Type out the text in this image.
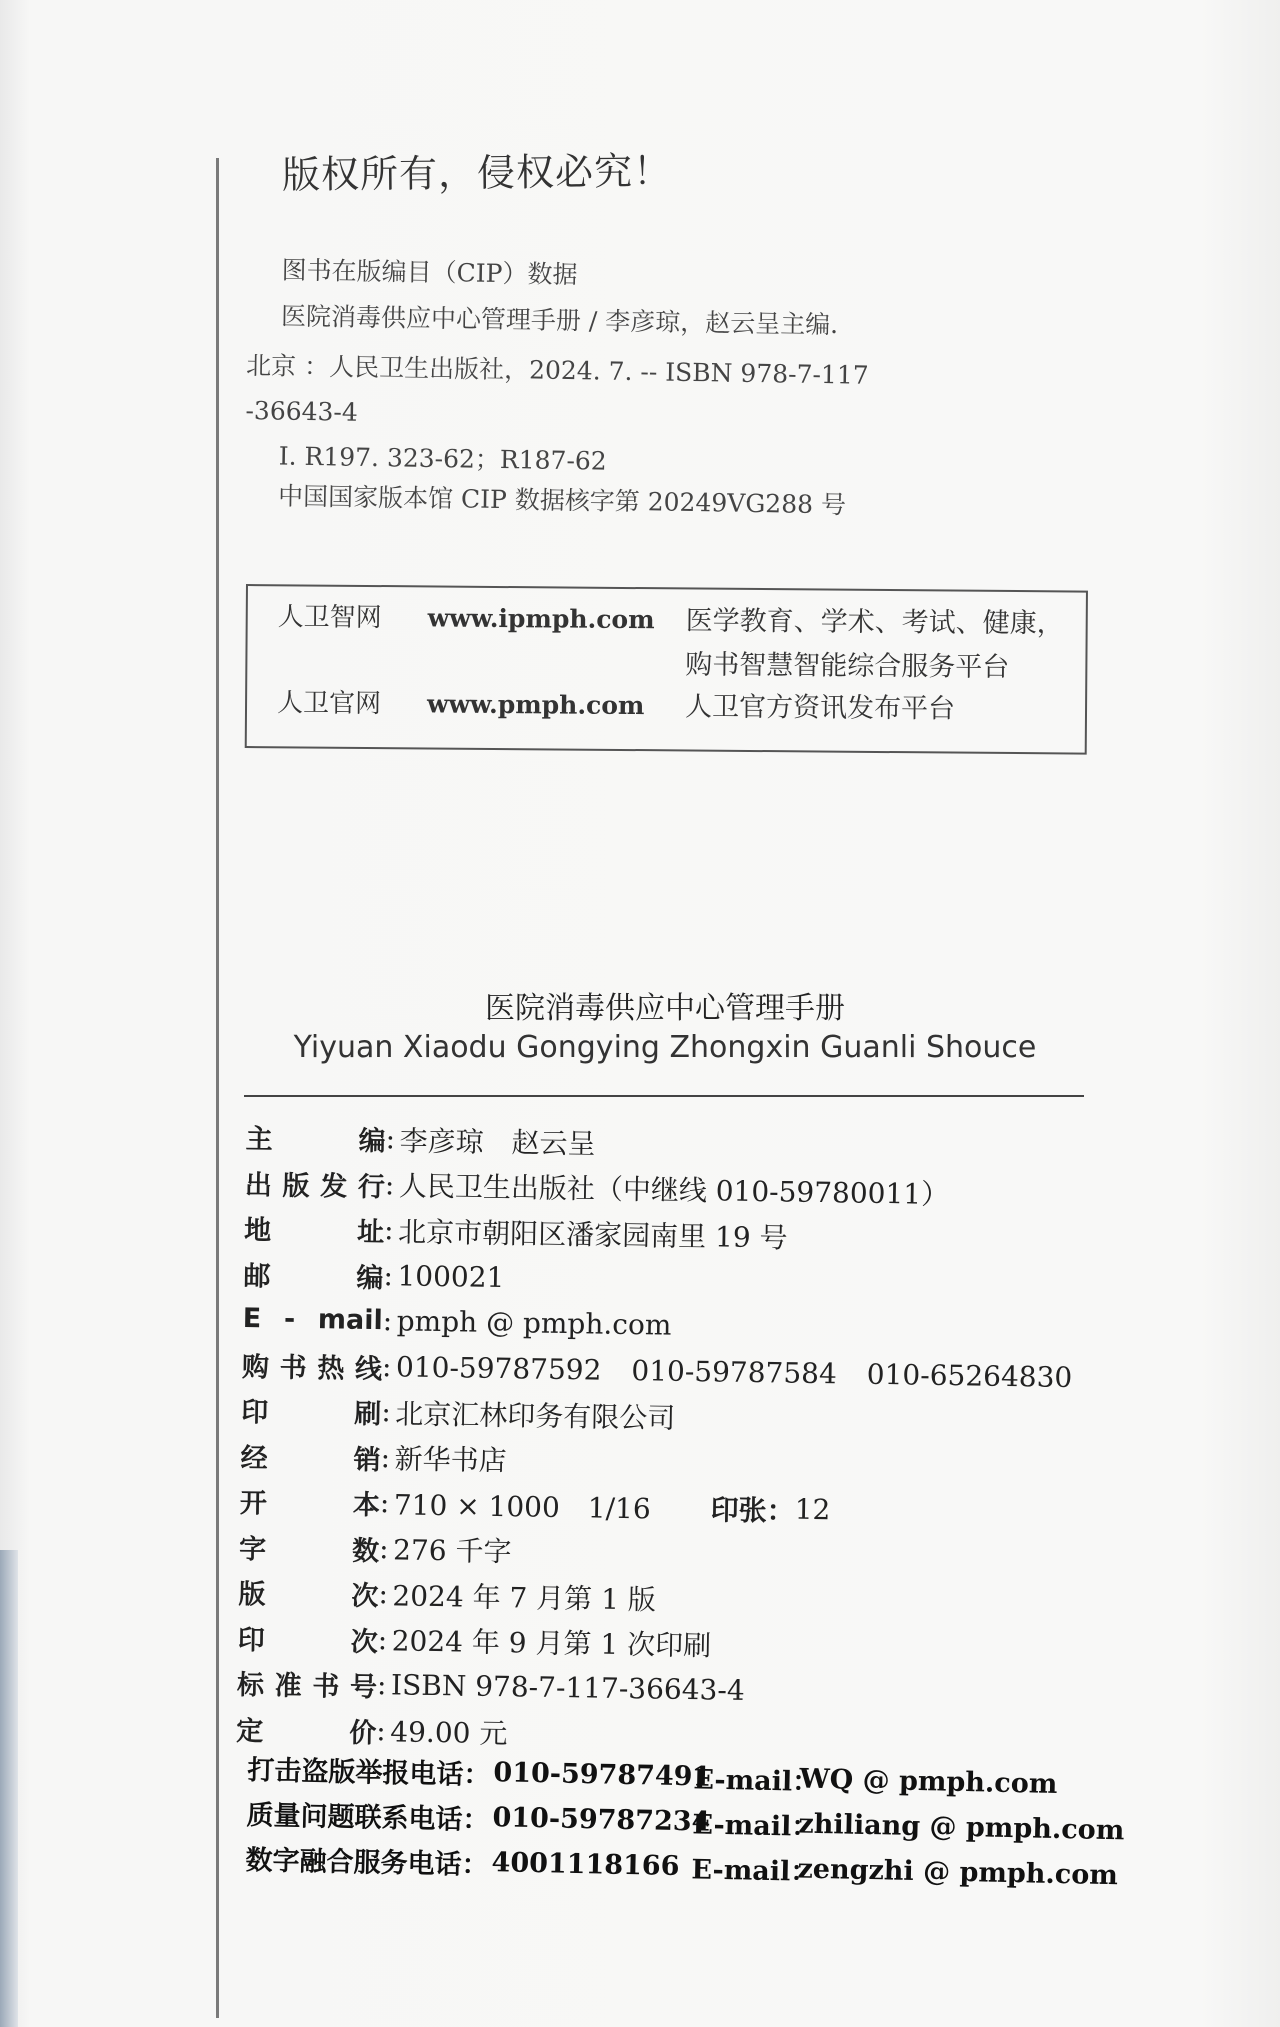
版权所有，侵权必究！
图书在版编目（CIP）数据
医院消毒供应中心管理手册 / 李彦琼，赵云呈主编．
北京 ：人民卫生出版社，2024. 7. -- ISBN 978-7-117
-36643-4
Ⅰ. R197. 323-62；R187-62
中国国家版本馆 CIP 数据核字第 20249VG288 号
人卫智网 www.ipmph.com 医学教育、学术、考试、健康，
购书智慧智能综合服务平台
人卫官网 www.pmph.com 人卫官方资讯发布平台
医院消毒供应中心管理手册
Yiyuan Xiaodu Gongying Zhongxin Guanli Shouce
主编 : 李彦琼　赵云呈
出版发行 : 人民卫生出版社（中继线 010-59780011）
地址 : 北京市朝阳区潘家园南里 19 号
邮编 : 100021
E - mail : pmph @ pmph.com
购书热线 : 010-59787592 010-59787584 010-65264830
印刷 : 北京汇林印务有限公司
经销 : 新华书店
开本 : 710 × 1000　1/16 印张： 12
字数 : 276 千字
版次 : 2024 年 7 月第 1 版
印次 : 2024 年 9 月第 1 次印刷
标准书号 : ISBN 978-7-117-36643-4
定价 : 49.00 元
打击盗版举报电话： 010-59787491
E-mail：
WQ @ pmph.com
质量问题联系电话： 010-59787234
E-mail：
zhiliang @ pmph.com
数字融合服务电话： 4001118166 E-mail：
zengzhi @ pmph.com
